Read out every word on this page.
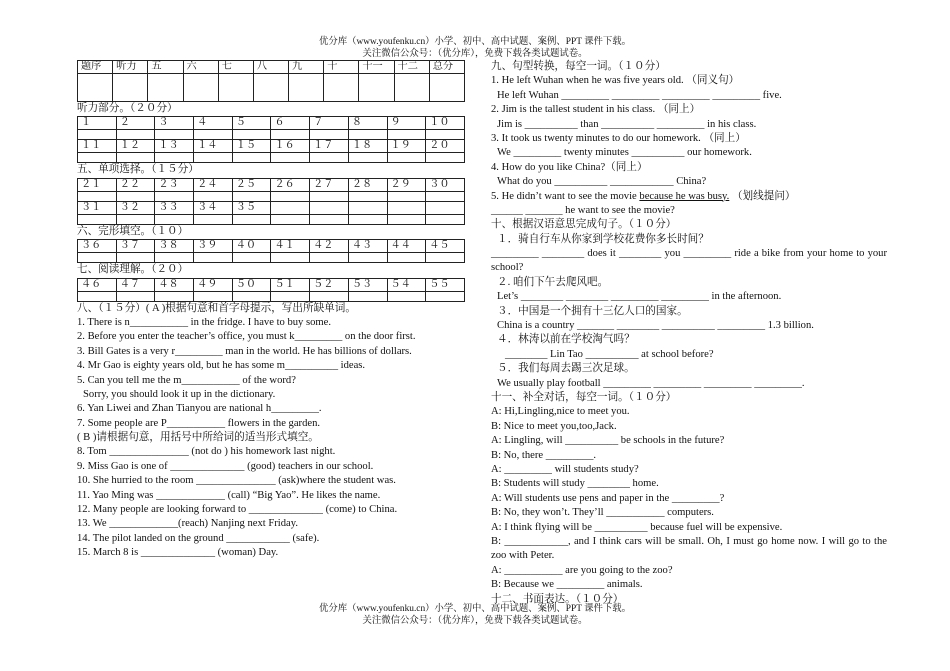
优分库（www.youfenku.cn）小学、初中、高中试题、案例、PPT 课件下载。
关注微信公众号：（优分库），免费下载各类试题试卷。
题序	听力	五	六	七	八	九	十	十一	十二	总分

听力部分。（２０分）
１	２	３	４	５	６	７	８	９	１０

１１	１２	１３	１４	１５	１６	１７	１８	１９	２０

五、单项选择。（１５分）
２１	２２	２３	２４	２５	２６	２７	２８	２９	３０

３１	３２	３３	３４	３５					

六、完形填空。（１０）
３６	３７	３８	３９	４０	４１	４２	４３	４４	４５

七、阅读理解。（２０）
４６	４７	４８	４９	５０	５１	５２	５３	５４	５５

八、（１５分）( A )根据句意和首字母提示，写出所缺单词。
1. There is n___________ in the fridge. I have to buy some.
2. Before you enter the teacher’s office, you must k_________ on the door first.
3. Bill Gates is a very r_________ man in the world. He has billions of dollars.
4. Mr Gao is eighty years old, but he has some m__________ ideas.
5. Can you tell me the m___________ of the word?
Sorry, you should look it up in the dictionary.
6. Yan Liwei and Zhan Tianyou are national h_________.
7. Some people are P___________ flowers in the garden.
( B )请根据句意，用括号中所给词的适当形式填空。
8. Tom _______________ (not do ) his homework last night.
9. Miss Gao is one of ______________ (good) teachers in our school.
10. She hurried to the room _______________ (ask)where the student was.
11. Yao Ming was _____________ (call) “Big Yao”. He likes the name.
12. Many people are looking forward to ______________ (come) to China.
13. We _____________(reach) Nanjing next Friday.
14. The pilot landed on the ground ____________ (safe).
15. March 8 is ______________ (woman) Day.
九、句型转换，每空一词。（１０分）
1. He left Wuhan when he was five years old. （同义句）
He left Wuhan _________ _________ _________ _________ five.
2. Jim is the tallest student in his class. （同上）
Jim is __________ than __________ _________ in his class.
3. It took us twenty minutes to do our homework. （同上）
We _________ twenty minutes __________ our homework.
4. How do you like China?（同上）
What do you __________ ____________ China?
5. He didn’t want to see the movie because he was busy. （划线提问）
______ _______ he want to see the movie?
十、根据汉语意思完成句子。（１０分）
１．骑自行车从你家到学校花费你多长时间？
_________ ________ does it ________ you _________ ride a bike from your home to your school?
２. 咱们下午去爬风吧。
Let’s ________ ________ _________ _________ in the afternoon.
３．中国是一个拥有十三亿人口的国家。
China is a country _______ ________ __________ _________ 1.3 billion.
４．林涛以前在学校淘气吗？
________ Lin Tao __________ at school before?
５．我们每周去踢三次足球。
We usually play football _________ _________ _________ _________.
十一、补全对话，每空一词。（１０分）
A: Hi,Lingling,nice to meet you.
B: Nice to meet you,too,Jack.
A: Lingling, will __________ be schools in the future?
B: No, there _________.
A: _________ will students study?
B: Students will study ________ home.
A: Will students use pens and paper in the _________?
B: No, they won’t. They’ll ___________ computers.
A: I think flying will be __________ because fuel will be expensive.
B: ____________, and I think cars will be small. Oh, I must go home now. I will go to the zoo with Peter.
A: ___________ are you going to the zoo?
B: Because we _________ animals.
十二、书面表达。（１０分）
优分库（www.youfenku.cn）小学、初中、高中试题、案例、PPT 课件下载。
关注微信公众号：（优分库），免费下载各类试题试卷。
